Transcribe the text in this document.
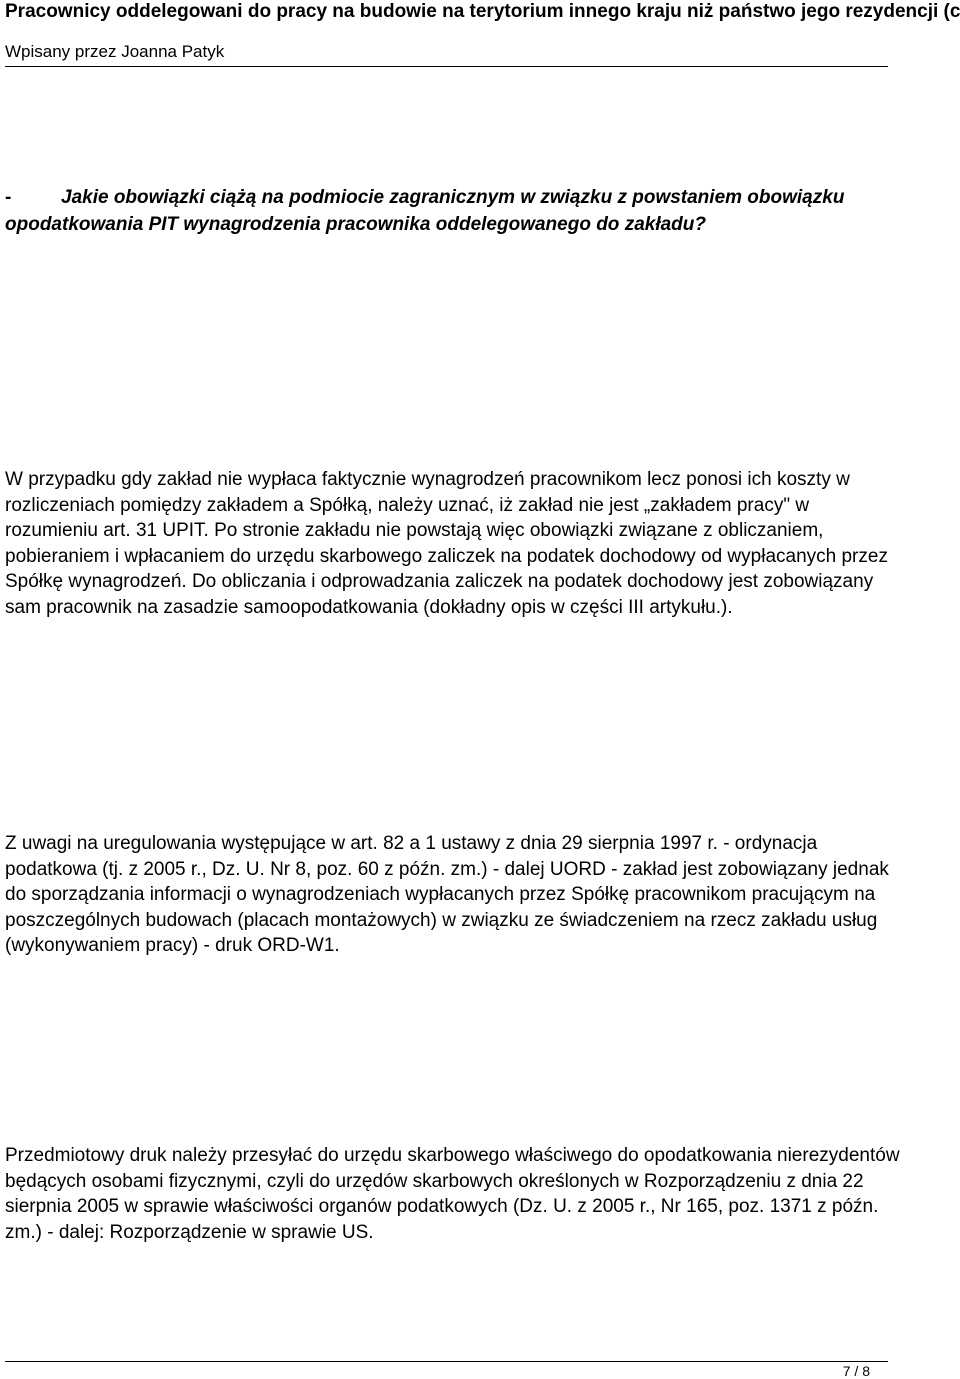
Pracownicy oddelegowani do pracy na budowie na terytorium innego kraju niż państwo jego rezydencji (c
Wpisany przez Joanna Patyk
-	Jakie obowiązki ciążą na podmiocie zagranicznym w związku z powstaniem obowiązku opodatkowania PIT wynagrodzenia pracownika oddelegowanego do zakładu?
W przypadku gdy zakład nie wypłaca faktycznie wynagrodzeń pracownikom lecz ponosi ich koszty w rozliczeniach pomiędzy zakładem a Spółką, należy uznać, iż zakład nie jest „zakładem pracy" w rozumieniu art. 31 UPIT. Po stronie zakładu nie powstają więc obowiązki związane z obliczaniem, pobieraniem i wpłacaniem do urzędu skarbowego zaliczek na podatek dochodowy od wypłacanych przez Spółkę wynagrodzeń. Do obliczania i odprowadzania zaliczek na podatek dochodowy jest zobowiązany sam pracownik na zasadzie samoopodatkowania (dokładny opis w części III artykułu.).
Z uwagi na uregulowania występujące w art. 82 a 1 ustawy z dnia 29 sierpnia 1997 r. - ordynacja podatkowa (tj. z 2005 r., Dz. U. Nr 8, poz. 60 z późn. zm.) - dalej UORD - zakład jest zobowiązany jednak do sporządzania informacji o wynagrodzeniach wypłacanych przez Spółkę pracownikom pracującym na poszczególnych budowach (placach montażowych) w związku ze świadczeniem na rzecz zakładu usług (wykonywaniem pracy) - druk ORD-W1.
Przedmiotowy druk należy przesyłać do urzędu skarbowego właściwego do opodatkowania nierezydentów będących osobami fizycznymi, czyli do urzędów skarbowych określonych w Rozporządzeniu z dnia 22 sierpnia 2005 w sprawie właściwości organów podatkowych (Dz. U. z 2005 r., Nr 165, poz. 1371 z późn. zm.) - dalej: Rozporządzenie w sprawie US.
7 / 8
